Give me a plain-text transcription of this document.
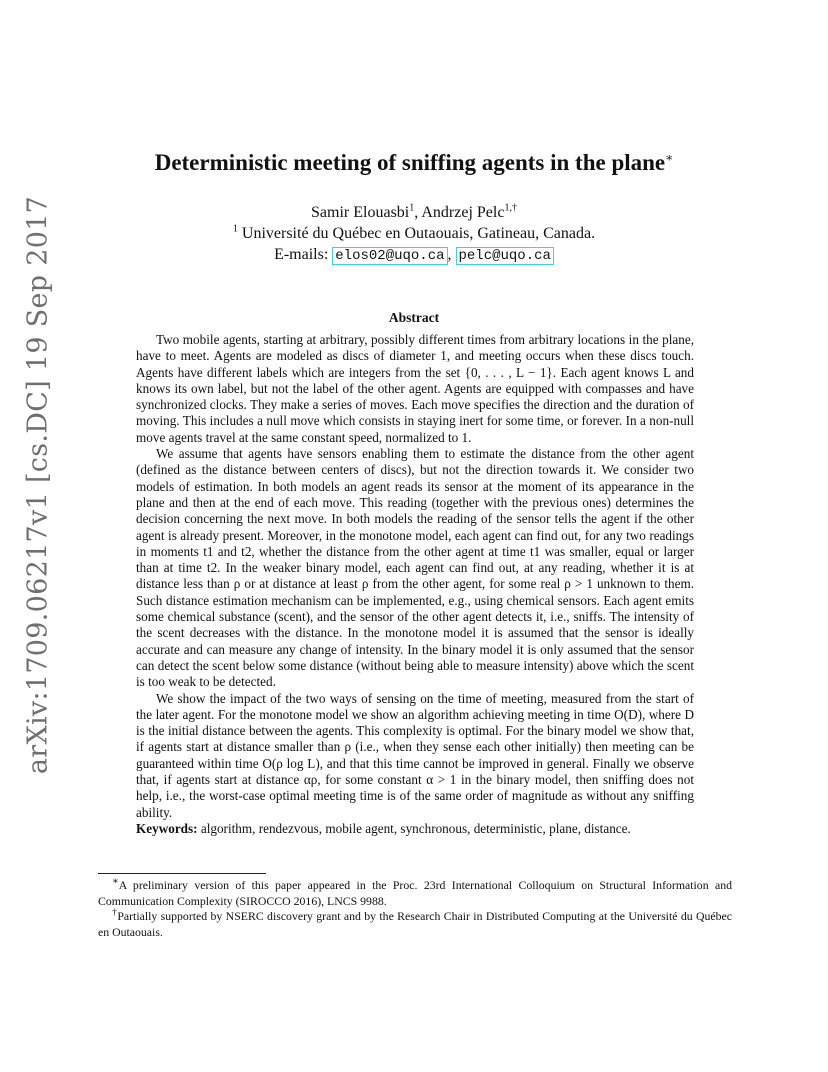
arXiv:1709.06217v1 [cs.DC] 19 Sep 2017
Deterministic meeting of sniffing agents in the plane∗
Samir Elouasbi$^1$, Andrzej Pelc$^{1,\dagger}$
$^1$ Université du Québec en Outaouais, Gatineau, Canada.
E-mails: elos02@uqo.ca , pelc@uqo.ca
Abstract

Two mobile agents, starting at arbitrary, possibly different times from arbitrary locations in the plane, have to meet. Agents are modeled as discs of diameter 1, and meeting occurs when these discs touch. Agents have different labels which are integers from the set {0, . . . , L − 1}. Each agent knows L and knows its own label, but not the label of the other agent. Agents are equipped with compasses and have synchronized clocks. They make a series of moves. Each move specifies the direction and the duration of moving. This includes a null move which consists in staying inert for some time, or forever. In a non-null move agents travel at the same constant speed, normalized to 1.

We assume that agents have sensors enabling them to estimate the distance from the other agent (defined as the distance between centers of discs), but not the direction towards it. We consider two models of estimation. In both models an agent reads its sensor at the moment of its appearance in the plane and then at the end of each move. This reading (together with the previous ones) determines the decision concerning the next move. In both models the reading of the sensor tells the agent if the other agent is already present. Moreover, in the monotone model, each agent can find out, for any two readings in moments t1 and t2, whether the distance from the other agent at time t1 was smaller, equal or larger than at time t2. In the weaker binary model, each agent can find out, at any reading, whether it is at distance less than ρ or at distance at least ρ from the other agent, for some real ρ > 1 unknown to them. Such distance estimation mechanism can be implemented, e.g., using chemical sensors. Each agent emits some chemical substance (scent), and the sensor of the other agent detects it, i.e., sniffs. The intensity of the scent decreases with the distance. In the monotone model it is assumed that the sensor is ideally accurate and can measure any change of intensity. In the binary model it is only assumed that the sensor can detect the scent below some distance (without being able to measure intensity) above which the scent is too weak to be detected.

We show the impact of the two ways of sensing on the time of meeting, measured from the start of the later agent. For the monotone model we show an algorithm achieving meeting in time O(D), where D is the initial distance between the agents. This complexity is optimal. For the binary model we show that, if agents start at distance smaller than ρ (i.e., when they sense each other initially) then meeting can be guaranteed within time O(ρ log L), and that this time cannot be improved in general. Finally we observe that, if agents start at distance αρ, for some constant α > 1 in the binary model, then sniffing does not help, i.e., the worst-case optimal meeting time is of the same order of magnitude as without any sniffing ability.

Keywords: algorithm, rendezvous, mobile agent, synchronous, deterministic, plane, distance.

∗A preliminary version of this paper appeared in the Proc. 23rd International Colloquium on Structural Information and Communication Complexity (SIROCCO 2016), LNCS 9988.

†Partially supported by NSERC discovery grant and by the Research Chair in Distributed Computing at the Université du Québec en Outaouais.
